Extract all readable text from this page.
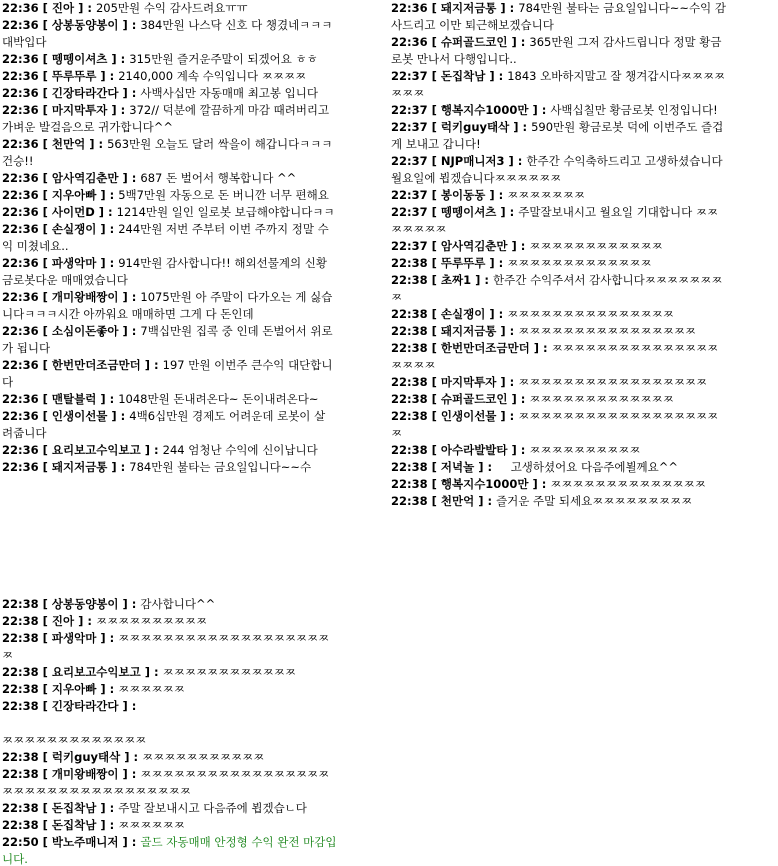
22:36 [ 진아 ] : 205만원 수익 감사드려요ㅠㅠ
22:36 [ 상봉동양봉이 ] : 384만원 나스닥 신호 다 챙겼네ㅋㅋㅋ대박입다
22:36 [ 뗑뗑이셔츠 ] : 315만원 즐거운주말이 되겠어요 ㅎㅎ
22:36 [ 뚜루뚜루 ] : 2140,000 계속 수익입니다 ㅉㅉㅉㅉ
22:36 [ 긴장타라간다 ] : 사백사십만 자동매매 최고봉 입니다
22:36 [ 마지막투자 ] : 372// 덕분에 깔끔하게 마감 때려버리고 가벼운 발걸음으로 귀가합니다^^
22:36 [ 천만억 ] : 563만원 오늘도 달러 싹을이 해갑니다ㅋㅋㅋ건승!!
22:36 [ 암사역김춘만 ] : 687 돈 벌어서 행복합니다 ^^
22:36 [ 지우아빠 ] : 5백7만원 자동으로 돈 버니깐 너무 편해요
22:36 [ 사이먼D ] : 1214만원 일인 일로봇 보급해야합니다ㅋㅋ
22:36 [ 손실쟁이 ] : 244만원 저번 주부터 이번 주까지 정말 수익 미쳤네요..
22:36 [ 파생악마 ] : 914만원 감사합니다!! 해외선물계의 신황금로봇다운 매매였습니다
22:36 [ 개미왕배짱이 ] : 1075만원 아 주말이 다가오는 게 싫습니다ㅋㅋㅋ시간 아까워요 매매하면 그게 다 돈인데
22:36 [ 소심이돈좋아 ] : 7백십만원 집콕 중 인데 돈벌어서 위로가 됩니다
22:36 [ 한번만더조금만더 ] : 197 만원 이번주 큰수익 대단합니다
22:36 [ 맨탈블럭 ] : 1048만원 돈내려온다~ 돈이내려온다~
22:36 [ 인생이선물 ] : 4백6십만원 경제도 어려운데 로봇이 살려줍니다
22:36 [ 요리보고수익보고 ] : 244 엄청난 수익에 신이납니다
22:36 [ 돼지저금통 ] : 784만원 불타는 금요일입니다~~수
22:36 [ 돼지저금통 ] : 784만원 불타는 금요일입니다~~수익 감사드리고 이만 퇴근해보겠습니다
22:36 [ 슈퍼골드코인 ] : 365만원 그저 감사드립니다 정말 황금로봇 만나서 다행입니다..
22:37 [ 돈집착남 ] : 1843 오바하지말고 잘 챙겨갑시다ㅉㅉㅉㅉㅉㅉㅉ
22:37 [ 행복지수1000만 ] : 사백십칠만 황금로봇 인정입니다!
22:37 [ 럭키guy태삭 ] : 590만원 황금로봇 덕에 이번주도 즐겁게 보내고 갑니다!
22:37 [ NJP매니저3 ] : 한주간 수익축하드리고 고생하셨습니다 월요일에 뵙겠습니다ㅉㅉㅉㅉㅉㅉ
22:37 [ 봉이동동 ] : ㅉㅉㅉㅉㅉㅉㅉ
22:37 [ 뗑뗑이셔츠 ] : 주말잘보내시고 월요일 기대합니다 ㅉㅉㅉㅉㅉㅉㅉ
22:37 [ 암사역김춘만 ] : ㅉㅉㅉㅉㅉㅉㅉㅉㅉㅉㅉㅉ
22:38 [ 뚜루뚜루 ] : ㅉㅉㅉㅉㅉㅉㅉㅉㅉㅉㅉㅉㅉ
22:38 [ 초짜1 ] : 한주간 수익주셔서 감사합니다ㅉㅉㅉㅉㅉㅉㅉㅉ
22:38 [ 손실쟁이 ] : ㅉㅉㅉㅉㅉㅉㅉㅉㅉㅉㅉㅉㅉㅉㅉ
22:38 [ 돼지저금통 ] : ㅉㅉㅉㅉㅉㅉㅉㅉㅉㅉㅉㅉㅉㅉㅉㅉ
22:38 [ 한번만더조금만더 ] : ㅉㅉㅉㅉㅉㅉㅉㅉㅉㅉㅉㅉㅉㅉㅉㅉㅉㅉㅉ
22:38 [ 마지막투자 ] : ㅉㅉㅉㅉㅉㅉㅉㅉㅉㅉㅉㅉㅉㅉㅉㅉㅉ
22:38 [ 슈퍼골드코인 ] : ㅉㅉㅉㅉㅉㅉㅉㅉㅉㅉㅉㅉㅉ
22:38 [ 인생이선물 ] : ㅉㅉㅉㅉㅉㅉㅉㅉㅉㅉㅉㅉㅉㅉㅉㅉㅉㅉㅉ
22:38 [ 아수라발발타 ] : ㅉㅉㅉㅉㅉㅉㅉㅉㅉㅉ
22:38 [ 저녁놀 ] :     고생하셨어요 다음주에뵐께요^^
22:38 [ 행복지수1000만 ] : ㅉㅉㅉㅉㅉㅉㅉㅉㅉㅉㅉㅉㅉㅉ
22:38 [ 천만억 ] : 즐거운 주말 되세요ㅉㅉㅉㅉㅉㅉㅉㅉㅉ
22:38 [ 상봉동양봉이 ] : 감사합니다^^
22:38 [ 진아 ] : ㅉㅉㅉㅉㅉㅉㅉㅉㅉㅉ
22:38 [ 파생악마 ] : ㅉㅉㅉㅉㅉㅉㅉㅉㅉㅉㅉㅉㅉㅉㅉㅉㅉㅉㅉㅉ
22:38 [ 요리보고수익보고 ] : ㅉㅉㅉㅉㅉㅉㅉㅉㅉㅉㅉㅉ
22:38 [ 지우아빠 ] : ㅉㅉㅉㅉㅉㅉ
22:38 [ 긴장타라간다 ] :

ㅉㅉㅉㅉㅉㅉㅉㅉㅉㅉㅉㅉㅉ
22:38 [ 럭키guy태삭 ] : ㅉㅉㅉㅉㅉㅉㅉㅉㅉㅉㅉ
22:38 [ 개미왕배짱이 ] : ㅉㅉㅉㅉㅉㅉㅉㅉㅉㅉㅉㅉㅉㅉㅉㅉㅉㅉㅉㅉㅉㅉㅉㅉㅉㅉㅉㅉㅉㅉㅉㅉㅉㅉ
22:38 [ 돈집착남 ] : 주말 잘보내시고 다음쥬에 뵙겠습ㄴ다
22:38 [ 돈집착남 ] : ㅉㅉㅉㅉㅉㅉ
22:50 [ 박노주매니저 ] : 골드 자동매매 안정형 수익 완전 마감입니다.
